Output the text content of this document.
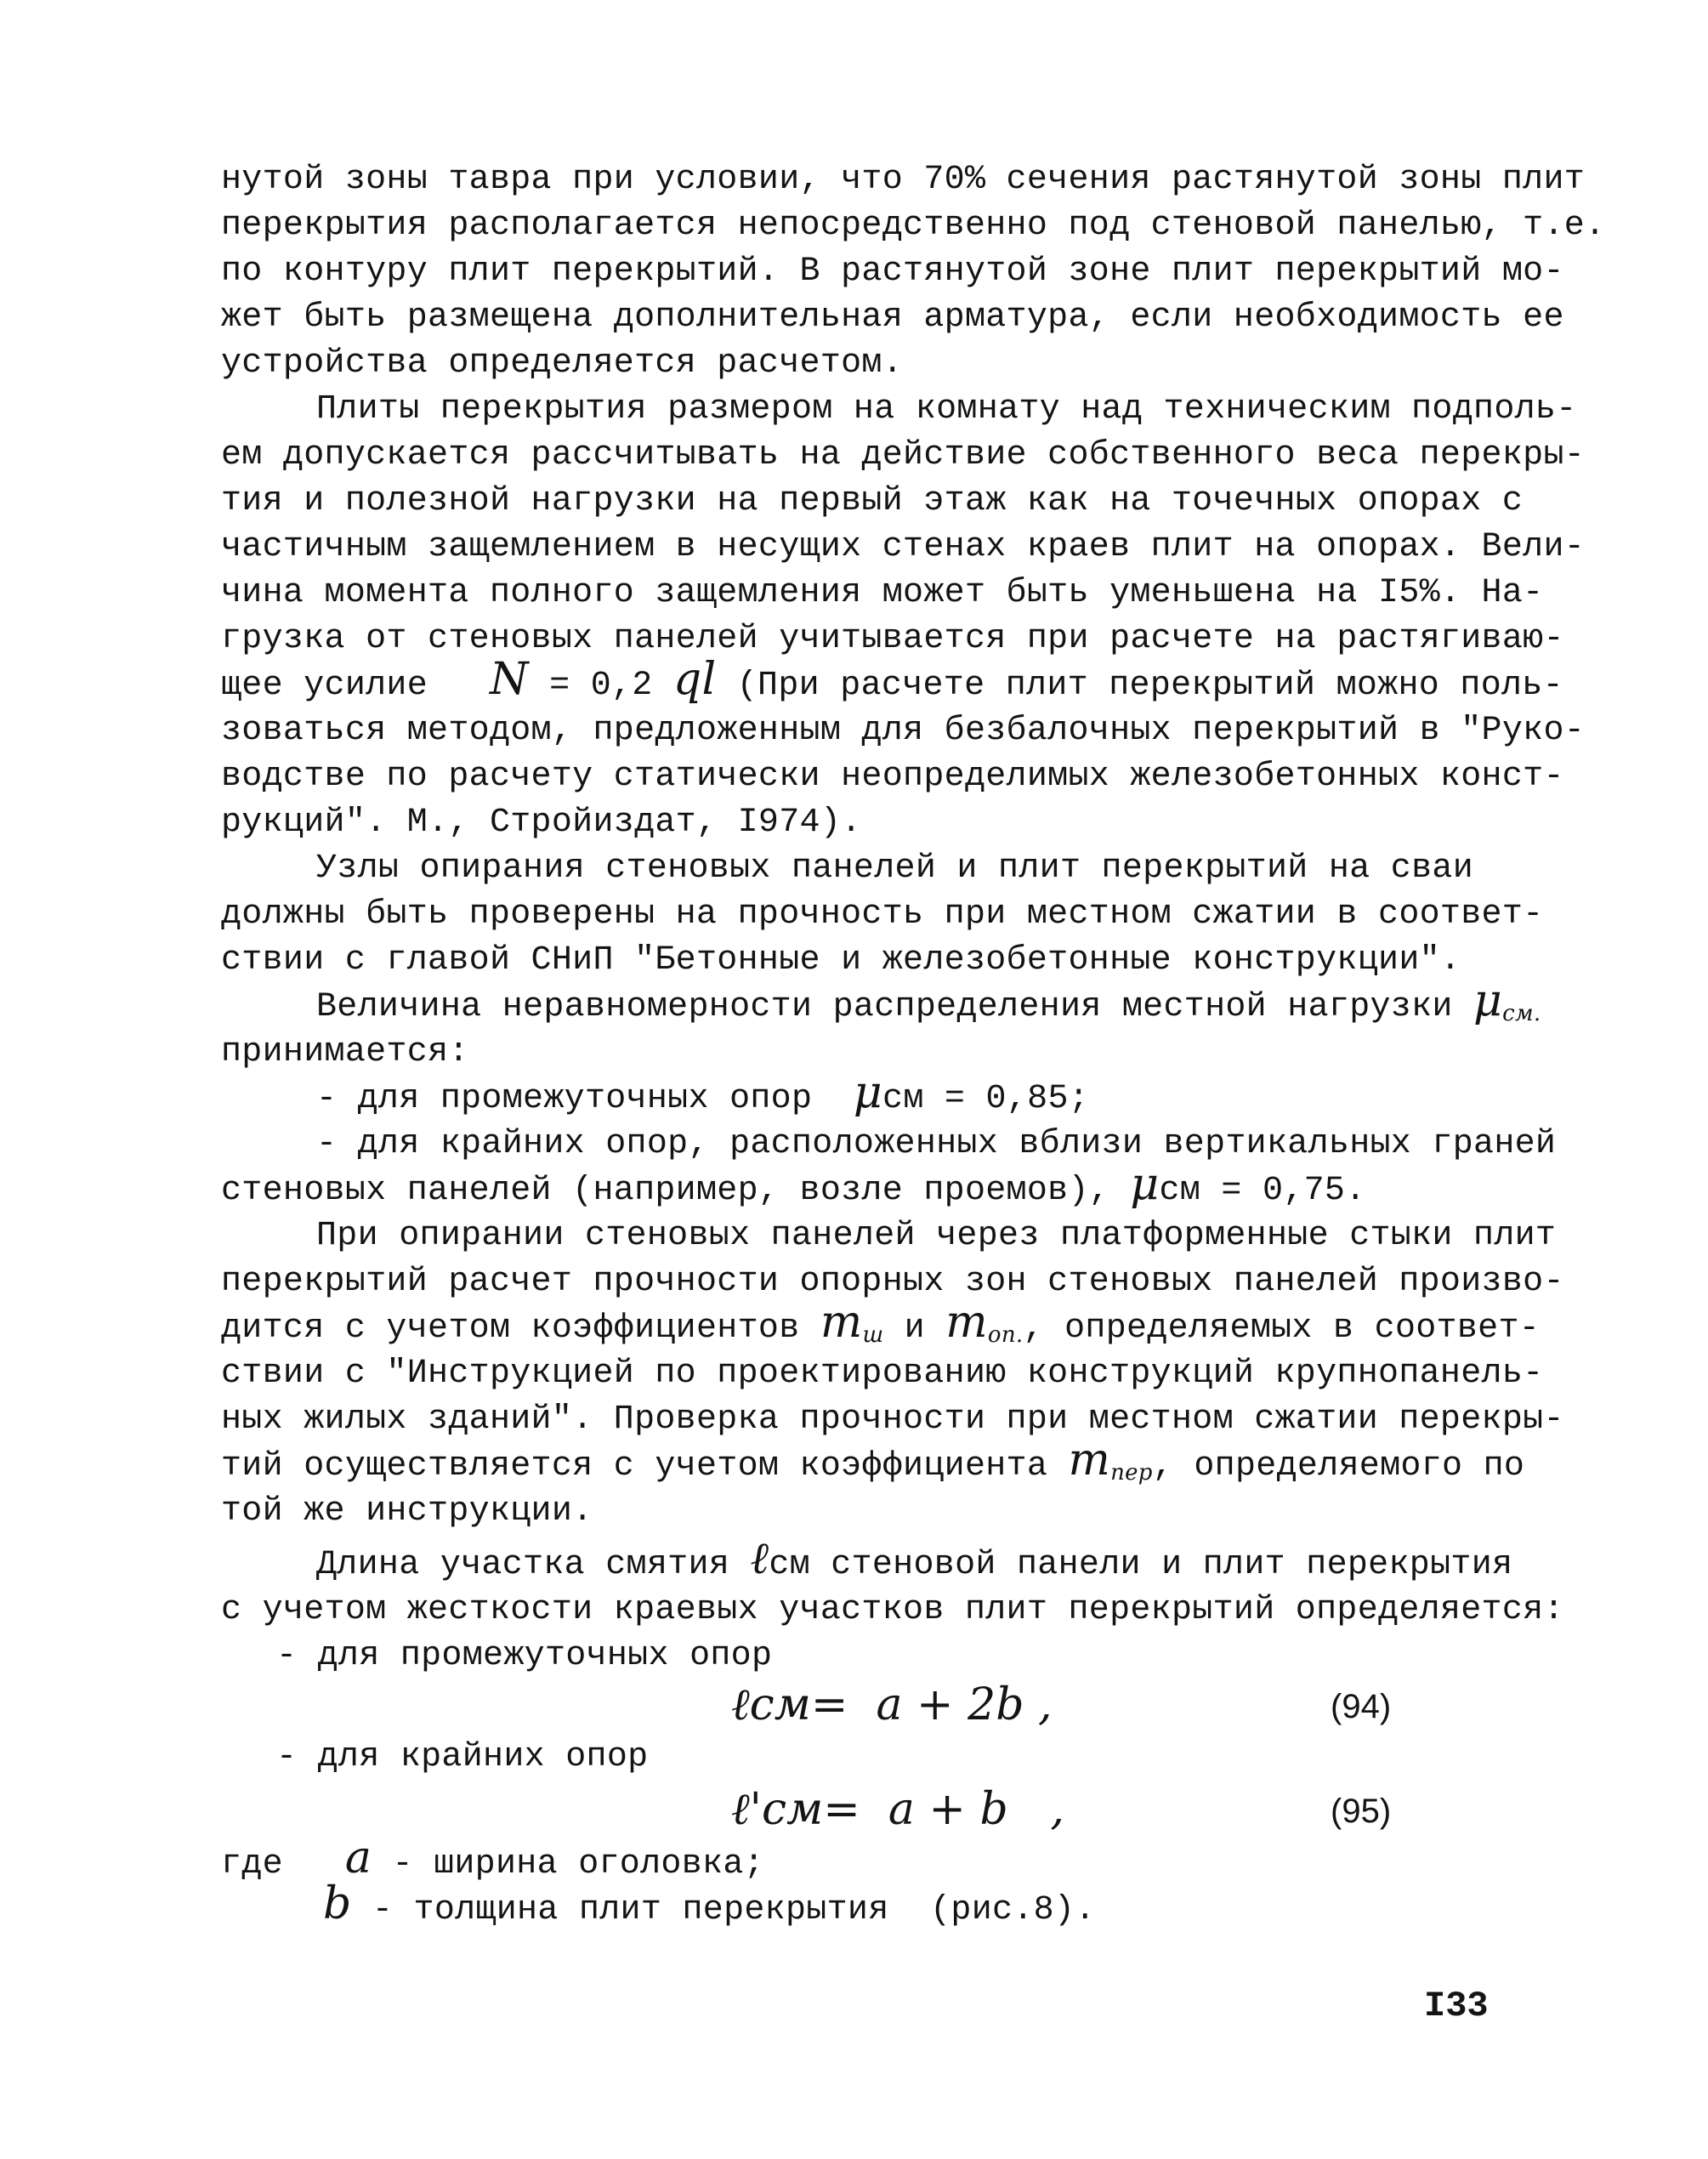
нутой зоны тавра при условии, что 70% сечения растянутой зоны плит
перекрытия располагается непосредственно под стеновой панелью, т.е.
по контуру плит перекрытий. В растянутой зоне плит перекрытий мо-
жет быть размещена дополнительная арматура, если необходимость ее
устройства определяется расчетом.
Плиты перекрытия размером на комнату над техническим подполь-
ем допускается рассчитывать на действие собственного веса перекры-
тия и полезной нагрузки на первый этаж как на точечных опорах с
частичным защемлением в несущих стенах краев плит на опорах. Вели-
чина момента полного защемления может быть уменьшена на I5%. На-
грузка от стеновых панелей учитывается при расчете на растягиваю-
щее усилие N = 0,2 ql (При расчете плит перекрытий можно поль-
зоваться методом, предложенным для безбалочных перекрытий в "Руко-
водстве по расчету статически неопределимых железобетонных конст-
рукций". М., Стройиздат, I974).
Узлы опирания стеновых панелей и плит перекрытий на сваи
должны быть проверены на прочность при местном сжатии в соответ-
ствии с главой СНиП "Бетонные и железобетонные конструкции".
Величина неравномерности распределения местной нагрузки $\mu_{см.}$
принимается:
- для промежуточных опор μсм = 0,85;
- для крайних опор, расположенных вблизи вертикальных граней
стеновых панелей (например, возле проемов), μсм = 0,75.
При опирании стеновых панелей через платформенные стыки плит
перекрытий расчет прочности опорных зон стеновых панелей произво-
дится с учетом коэффициентов $m_ш$ и $m_{оп.}$, определяемых в соответ-
ствии с "Инструкцией по проектированию конструкций крупнопанель-
ных жилых зданий". Проверка прочности при местном сжатии перекры-
тий осуществляется с учетом коэффициента $m_{пер}$, определяемого по
той же инструкции.
Длина участка смятия ℓсм стеновой панели и плит перекрытия
с учетом жесткости краевых участков плит перекрытий определяется:
- для промежуточных опор
ℓсм=  a + 2b ,	(94)
- для крайних опор
ℓ'см=  a + b   ,	(95)
где a - ширина оголовка;
b - толщина плит перекрытия  (рис.8).
I33
